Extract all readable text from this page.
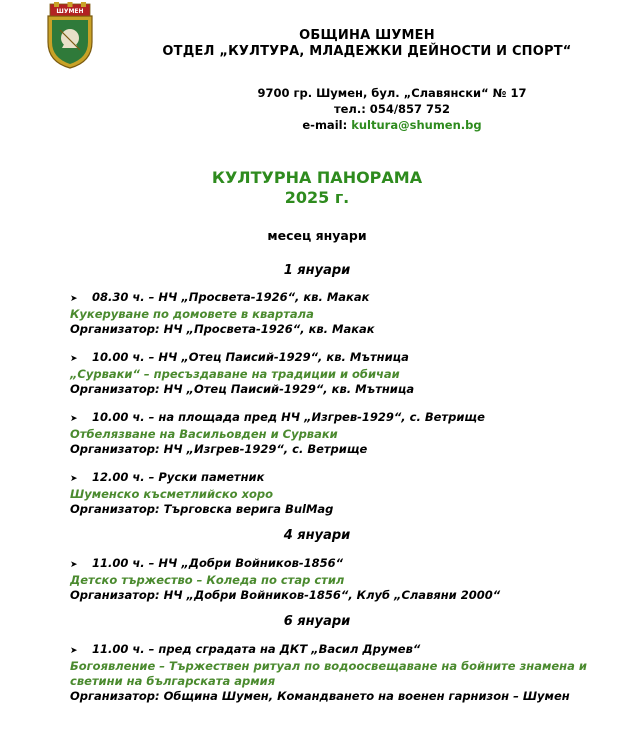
ШУМЕН
ОБЩИНА ШУМЕН
ОТДЕЛ „КУЛТУРА, МЛАДЕЖКИ ДЕЙНОСТИ И СПОРТ“
9700 гр. Шумен, бул. „Славянски“ № 17
тел.: 054/857 752
e-mail: kultura@shumen.bg
КУЛТУРНА ПАНОРАМА
2025 г.
месец януари
1 януари
➤ 08.30 ч. – НЧ „Просвета-1926“, кв. Макак
Кукеруване по домовете в квартала
Организатор: НЧ „Просвета-1926“, кв. Макак
➤ 10.00 ч. – НЧ „Отец Паисий-1929“, кв. Мътница
„Сурваки“ – пресъздаване на традиции и обичаи
Организатор: НЧ „Отец Паисий-1929“, кв. Мътница
➤ 10.00 ч. – на площада пред НЧ „Изгрев-1929“, с. Ветрище
Отбелязване на Васильовден и Сурваки
Организатор: НЧ „Изгрев-1929“, с. Ветрище
➤ 12.00 ч. – Руски паметник
Шуменско късметлийско хоро
Организатор: Търговска верига BulMag
4 януари
➤ 11.00 ч. – НЧ „Добри Войников-1856“
Детско тържество – Коледа по стар стил
Организатор: НЧ „Добри Войников-1856“, Клуб „Славяни 2000“
6 януари
➤ 11.00 ч. – пред сградата на ДКТ „Васил Друмев“
Богоявление – Тържествен ритуал по водоосвещаване на бойните знамена и светини на българската армия
Организатор: Община Шумен, Командването на военен гарнизон – Шумен
